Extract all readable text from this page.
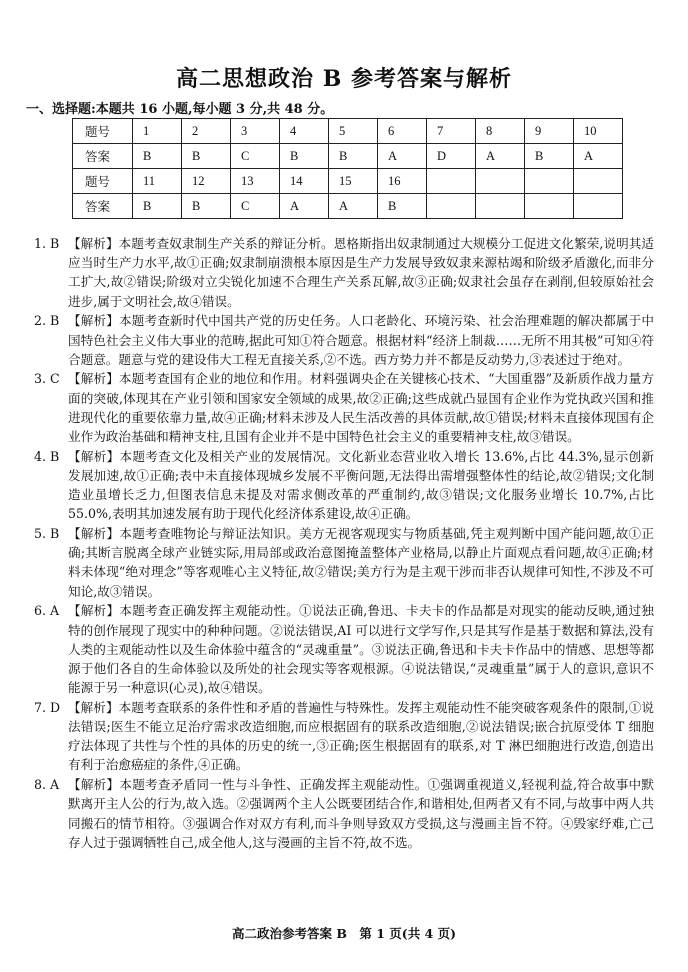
高二思想政治 B 参考答案与解析
一、选择题:本题共 16 小题,每小题 3 分,共 48 分。
题号	1	2	3	4	5	6	7	8	9	10
答案	B	B	C	B	B	A	D	A	B	A
题号	11	12	13	14	15	16				
答案	B	B	C	A	A	B				
1. B 【解析】本题考查奴隶制生产关系的辩证分析。恩格斯指出奴隶制通过大规模分工促进文化繁荣,说明其适应当时生产力水平,故①正确;奴隶制崩溃根本原因是生产力发展导致奴隶来源枯竭和阶级矛盾激化,而非分工扩大,故②错误;阶级对立尖锐化加速不合理生产关系瓦解,故③正确;奴隶社会虽存在剥削,但较原始社会进步,属于文明社会,故④错误。
2. B 【解析】本题考查新时代中国共产党的历史任务。人口老龄化、环境污染、社会治理难题的解决都属于中国特色社会主义伟大事业的范畴,据此可知①符合题意。根据材料“经济上制裁……无所不用其极”可知④符合题意。题意与党的建设伟大工程无直接关系,②不选。西方势力并不都是反动势力,③表述过于绝对。
3. C 【解析】本题考查国有企业的地位和作用。材料强调央企在关键核心技术、“大国重器”及新质作战力量方面的突破,体现其在产业引领和国家安全领域的成果,故②正确;这些成就凸显国有企业作为党执政兴国和推进现代化的重要依靠力量,故④正确;材料未涉及人民生活改善的具体贡献,故①错误;材料未直接体现国有企业作为政治基础和精神支柱,且国有企业并不是中国特色社会主义的重要精神支柱,故③错误。
4. B 【解析】本题考查文化及相关产业的发展情况。文化新业态营业收入增长 13.6%,占比 44.3%,显示创新发展加速,故①正确;表中未直接体现城乡发展不平衡问题,无法得出需增强整体性的结论,故②错误;文化制造业虽增长乏力,但图表信息未提及对需求侧改革的严重制约,故③错误;文化服务业增长 10.7%,占比 55.0%,表明其加速发展有助于现代化经济体系建设,故④正确。
5. B 【解析】本题考查唯物论与辩证法知识。美方无视客观现实与物质基础,凭主观判断中国产能问题,故①正确;其断言脱离全球产业链实际,用局部或政治意图掩盖整体产业格局,以静止片面观点看问题,故④正确;材料未体现“绝对理念”等客观唯心主义特征,故②错误;美方行为是主观干涉而非否认规律可知性,不涉及不可知论,故③错误。
6. A 【解析】本题考查正确发挥主观能动性。①说法正确,鲁迅、卡夫卡的作品都是对现实的能动反映,通过独特的创作展现了现实中的种种问题。②说法错误,AI 可以进行文学写作,只是其写作是基于数据和算法,没有人类的主观能动性以及生命体验中蕴含的“灵魂重量”。③说法正确,鲁迅和卡夫卡作品中的情感、思想等都源于他们各自的生命体验以及所处的社会现实等客观根源。④说法错误,“灵魂重量”属于人的意识,意识不能源于另一种意识(心灵),故④错误。
7. D 【解析】本题考查联系的条件性和矛盾的普遍性与特殊性。发挥主观能动性不能突破客观条件的限制,①说法错误;医生不能立足治疗需求改造细胞,而应根据固有的联系改造细胞,②说法错误;嵌合抗原受体 T 细胞疗法体现了共性与个性的具体的历史的统一,③正确;医生根据固有的联系,对 T 淋巴细胞进行改造,创造出有利于治愈癌症的条件,④正确。
8. A 【解析】本题考查矛盾同一性与斗争性、正确发挥主观能动性。①强调重视道义,轻视利益,符合故事中默默离开主人公的行为,故入选。②强调两个主人公既要团结合作,和谐相处,但两者又有不同,与故事中两人共同搬石的情节相符。③强调合作对双方有利,而斗争则导致双方受损,这与漫画主旨不符。④毁家纾难,亡己存人过于强调牺牲自己,成全他人,这与漫画的主旨不符,故不选。
高二政治参考答案 B　第 1 页(共 4 页)
